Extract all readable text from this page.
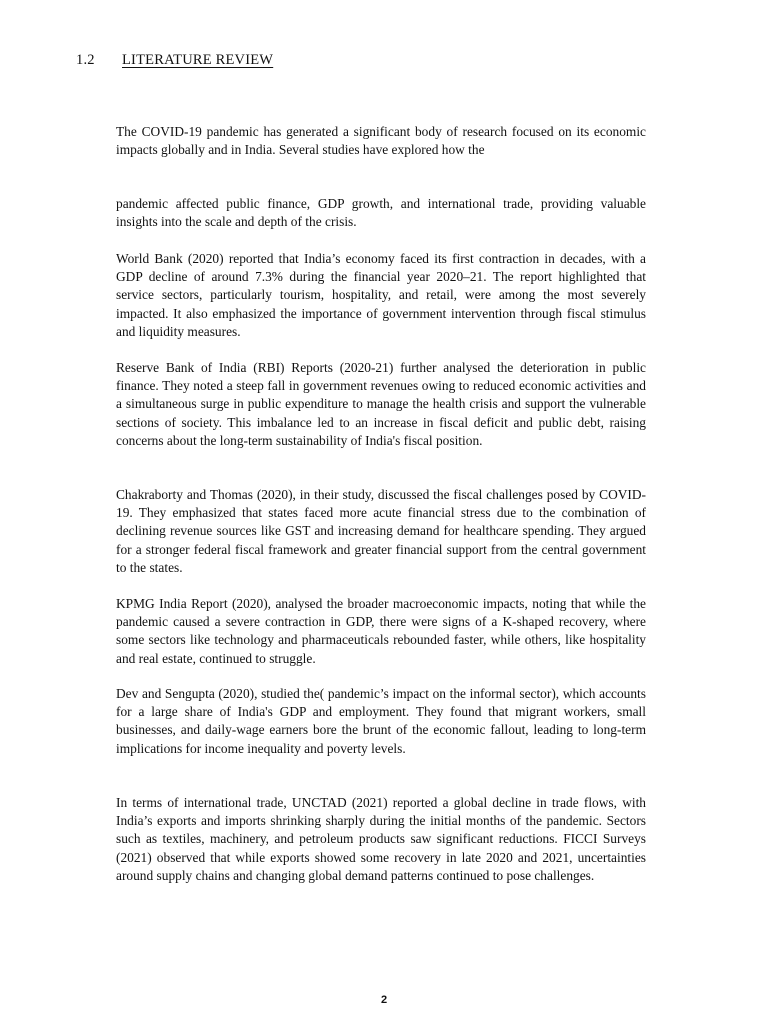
1.2 LITERATURE REVIEW

The COVID-19 pandemic has generated a significant body of research focused on its economic impacts globally and in India. Several studies have explored how the

pandemic affected public finance, GDP growth, and international trade, providing valuable insights into the scale and depth of the crisis.

World Bank (2020) reported that India’s economy faced its first contraction in decades, with a GDP decline of around 7.3% during the financial year 2020–21. The report highlighted that service sectors, particularly tourism, hospitality, and retail, were among the most severely impacted. It also emphasized the importance of government intervention through fiscal stimulus and liquidity measures.

Reserve Bank of India (RBI) Reports (2020-21) further analysed the deterioration in public finance. They noted a steep fall in government revenues owing to reduced economic activities and a simultaneous surge in public expenditure to manage the health crisis and support the vulnerable sections of society. This imbalance led to an increase in fiscal deficit and public debt, raising concerns about the long-term sustainability of India's fiscal position.

Chakraborty and Thomas (2020), in their study, discussed the fiscal challenges posed by COVID-19. They emphasized that states faced more acute financial stress due to the combination of declining revenue sources like GST and increasing demand for healthcare spending. They argued for a stronger federal fiscal framework and greater financial support from the central government to the states.

KPMG India Report (2020), analysed the broader macroeconomic impacts, noting that while the pandemic caused a severe contraction in GDP, there were signs of a K-shaped recovery, where some sectors like technology and pharmaceuticals rebounded faster, while others, like hospitality and real estate, continued to struggle.

Dev and Sengupta (2020), studied the( pandemic’s impact on the informal sector), which accounts for a large share of India's GDP and employment. They found that migrant workers, small businesses, and daily-wage earners bore the brunt of the economic fallout, leading to long-term implications for income inequality and poverty levels.

In terms of international trade, UNCTAD (2021) reported a global decline in trade flows, with India’s exports and imports shrinking sharply during the initial months of the pandemic. Sectors such as textiles, machinery, and petroleum products saw significant reductions. FICCI Surveys (2021) observed that while exports showed some recovery in late 2020 and 2021, uncertainties around supply chains and changing global demand patterns continued to pose challenges.

2
